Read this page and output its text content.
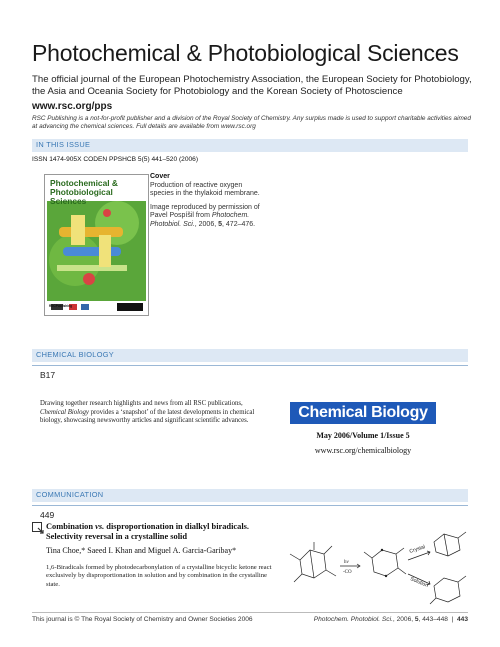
Photochemical & Photobiological Sciences
The official journal of the European Photochemistry Association, the European Society for Photobiology, the Asia and Oceania Society for Photobiology and the Korean Society of Photoscience
www.rsc.org/pps
RSC Publishing is a not-for-profit publisher and a division of the Royal Society of Chemistry. Any surplus made is used to support charitable activities aimed at advancing the chemical sciences. Full details are available from www.rsc.org
IN THIS ISSUE
ISSN 1474-905X CODEN PPSHCB 5(5) 441–520 (2006)
Photochemical & Photobiological Sciences
RSCPublishing

Cover
Production of reactive oxygen species in the thylakoid membrane.

Image reproduced by permission of Pavel Pospíšil from Photochem. Photobiol. Sci., 2006, 5, 472–476.

CHEMICAL BIOLOGY
B17
Drawing together research highlights and news from all RSC publications, Chemical Biology provides a ‘snapshot’ of the latest developments in chemical biology, showcasing newsworthy articles and significant scientific advances.	Chemical Biology
May 2006/Volume 1/Issue 5
www.rsc.org/chemicalbiology
COMMUNICATION
449
Combination vs. disproportionation in dialkyl biradicals. Selectivity reversal in a crystalline solid
Tina Choe,* Saeed I. Khan and Miguel A. Garcia-Garibay*
1,6-Biradicals formed by photodecarbonylation of a crystalline bicyclic ketone react exclusively by disproportionation in solution and by combination in the crystalline state.
hν
-CO
Crystal
Solution
This journal is © The Royal Society of Chemistry and Owner Societies 2006	Photochem. Photobiol. Sci., 2006, 5, 443–448 | 443
